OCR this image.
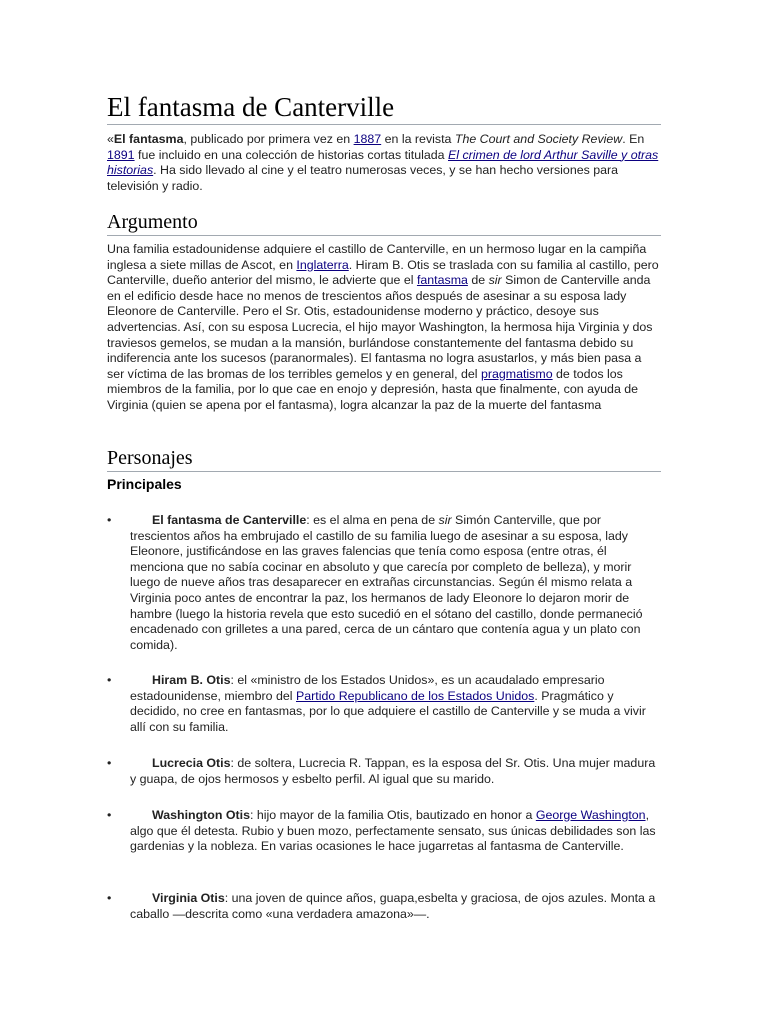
El fantasma de Canterville

«El fantasma, publicado por primera vez en 1887 en la revista The Court and Society Review. En 1891 fue incluido en una colección de historias cortas titulada El crimen de lord Arthur Saville y otras historias. Ha sido llevado al cine y el teatro numerosas veces, y se han hecho versiones para televisión y radio.

Argumento

Una familia estadounidense adquiere el castillo de Canterville, en un hermoso lugar en la campiña inglesa a siete millas de Ascot, en Inglaterra. Hiram B. Otis se traslada con su familia al castillo, pero Canterville, dueño anterior del mismo, le advierte que el fantasma de sir Simon de Canterville anda en el edificio desde hace no menos de trescientos años después de asesinar a su esposa lady Eleonore de Canterville. Pero el Sr. Otis, estadounidense moderno y práctico, desoye sus advertencias. Así, con su esposa Lucrecia, el hijo mayor Washington, la hermosa hija Virginia y dos traviesos gemelos, se mudan a la mansión, burlándose constantemente del fantasma debido su indiferencia ante los sucesos (paranormales). El fantasma no logra asustarlos, y más bien pasa a ser víctima de las bromas de los terribles gemelos y en general, del pragmatismo de todos los miembros de la familia, por lo que cae en enojo y depresión, hasta que finalmente, con ayuda de Virginia (quien se apena por el fantasma), logra alcanzar la paz de la muerte del fantasma

Personajes
Principales
•	El fantasma de Canterville: es el alma en pena de sir Simón Canterville, que por trescientos años ha embrujado el castillo de su familia luego de asesinar a su esposa, lady Eleonore, justificándose en las graves falencias que tenía como esposa (entre otras, él menciona que no sabía cocinar en absoluto y que carecía por completo de belleza), y morir luego de nueve años tras desaparecer en extrañas circunstancias. Según él mismo relata a Virginia poco antes de encontrar la paz, los hermanos de lady Eleonore lo dejaron morir de hambre (luego la historia revela que esto sucedió en el sótano del castillo, donde permaneció encadenado con grilletes a una pared, cerca de un cántaro que contenía agua y un plato con comida).
•	Hiram B. Otis: el «ministro de los Estados Unidos», es un acaudalado empresario estadounidense, miembro del Partido Republicano de los Estados Unidos. Pragmático y decidido, no cree en fantasmas, por lo que adquiere el castillo de Canterville y se muda a vivir allí con su familia.
•	Lucrecia Otis: de soltera, Lucrecia R. Tappan, es la esposa del Sr. Otis. Una mujer madura y guapa, de ojos hermosos y esbelto perfil. Al igual que su marido.
•	Washington Otis: hijo mayor de la familia Otis, bautizado en honor a George Washington, algo que él detesta. Rubio y buen mozo, perfectamente sensato, sus únicas debilidades son las gardenias y la nobleza. En varias ocasiones le hace jugarretas al fantasma de Canterville.
•	Virginia Otis: una joven de quince años, guapa,esbelta y graciosa, de ojos azules. Monta a caballo —descrita como «una verdadera amazona»—.
